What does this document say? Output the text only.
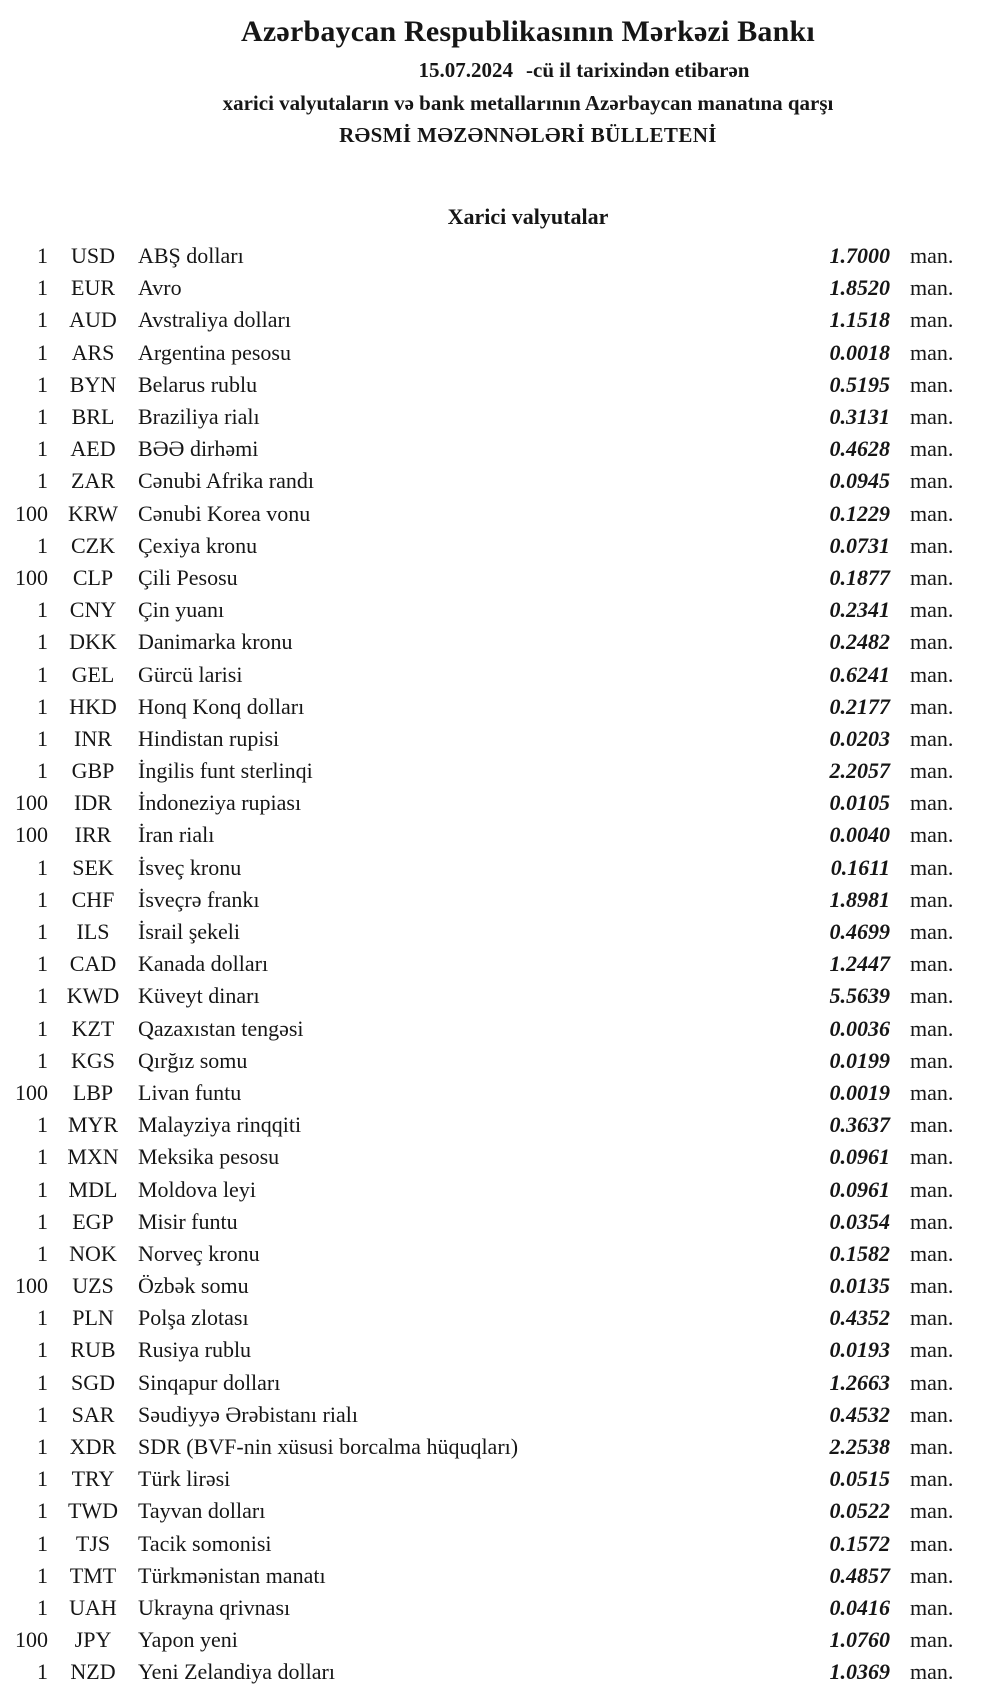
Azərbaycan Respublikasının Mərkəzi Bankı
15.07.2024 -cü il tarixindən etibarən
xarici valyutaların və bank metallarının Azərbaycan manatına qarşı
RƏSMİ MƏZƏNNƏLƏRİ BÜLLETENİ
Xarici valyutalar
1	USD	ABŞ dolları	1.7000 man.
1	EUR	Avro	1.8520 man.
1 AUD Avstraliya dolları	1.1518 man.
1	ARS	Argentina pesosu	0.0018 man.
1 BYN Belarus rublu	0.5195 man.
1	BRL	Braziliya rialı	0.3131 man.
1	AED	BƏƏ dirhəmi	0.4628 man.
1	ZAR	Cənubi Afrika randı	0.0945 man.
100 KRW Cənubi Korea vonu	0.1229 man.
1	CZK	Çexiya kronu	0.0731 man.
100	CLP	Çili Pesosu	0.1877 man.
1 CNY Çin yuanı	0.2341 man.
1 DKK Danimarka kronu	0.2482 man.
1	GEL	Gürcü larisi	0.6241 man.
1 HKD Honq Konq dolları	0.2177 man.
1	INR	Hindistan rupisi	0.0203 man.
1	GBP	İngilis funt sterlinqi	2.2057 man.
100	IDR	İndoneziya rupiası	0.0105 man.
100	IRR	İran rialı	0.0040 man.
1	SEK	İsveç kronu	0.1611 man.
1	CHF	İsveçrə frankı	1.8981 man.
1	ILS	İsrail şekeli	0.4699 man.
1 CAD Kanada dolları	1.2447 man.
1 KWD Küveyt dinarı	5.5639 man.
1	KZT	Qazaxıstan tengəsi	0.0036 man.
1	KGS	Qırğız somu	0.0199 man.
100	LBP	Livan funtu	0.0019 man.
1 MYR Malayziya rinqqiti	0.3637 man.
1 MXN Meksika pesosu	0.0961 man.
1 MDL Moldova leyi	0.0961 man.
1	EGP	Misir funtu	0.0354 man.
1 NOK Norveç kronu	0.1582 man.
100	UZS	Özbək somu	0.0135 man.
1	PLN	Polşa zlotası	0.4352 man.
1	RUB	Rusiya rublu	0.0193 man.
1	SGD	Sinqapur dolları	1.2663 man.
1	SAR	Səudiyyə Ərəbistanı rialı	0.4532 man.
1 XDR SDR (BVF-nin xüsusi borcalma hüquqları)	2.2538 man.
1	TRY	Türk lirəsi	0.0515 man.
1 TWD Tayvan dolları	0.0522 man.
1	TJS	Tacik somonisi	0.1572 man.
1 TMT Türkmənistan manatı	0.4857 man.
1 UAH Ukrayna qrivnası	0.0416 man.
100	JPY	Yapon yeni	1.0760 man.
1	NZD	Yeni Zelandiya dolları	1.0369 man.
